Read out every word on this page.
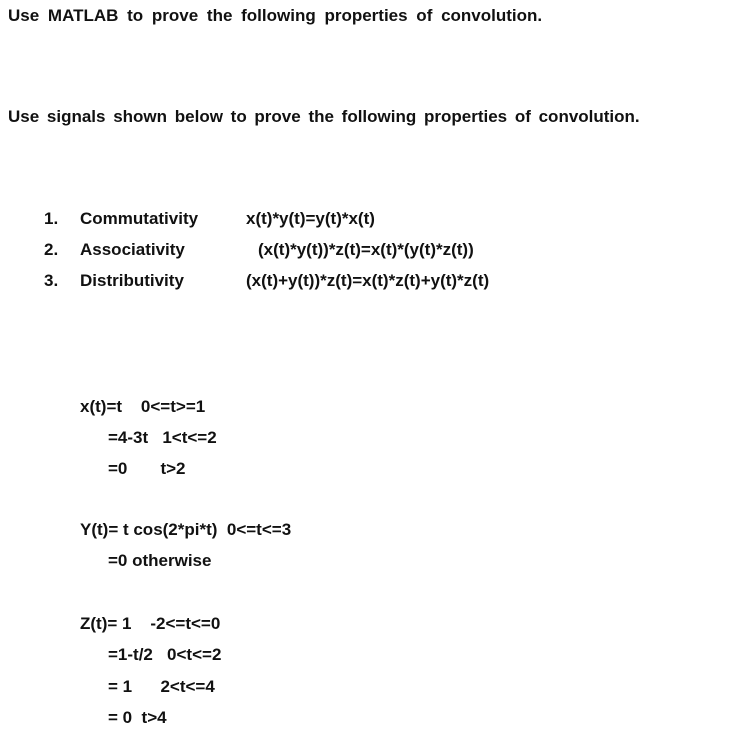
Use MATLAB to prove the following properties of convolution.
Use signals shown below to prove the following properties of convolution.
1. Commutativity	x(t)*y(t)=y(t)*x(t)
2. Associativity	(x(t)*y(t))*z(t)=x(t)*(y(t)*z(t))
3. Distributivity	(x(t)+y(t))*z(t)=x(t)*z(t)+y(t)*z(t)
x(t)=t    0<=t>=1
=4-3t   1<t<=2
=0       t>2
Y(t)= t cos(2*pi*t)  0<=t<=3
=0 otherwise
Z(t)= 1    -2<=t<=0
=1-t/2   0<t<=2
= 1      2<t<=4
= 0  t>4
